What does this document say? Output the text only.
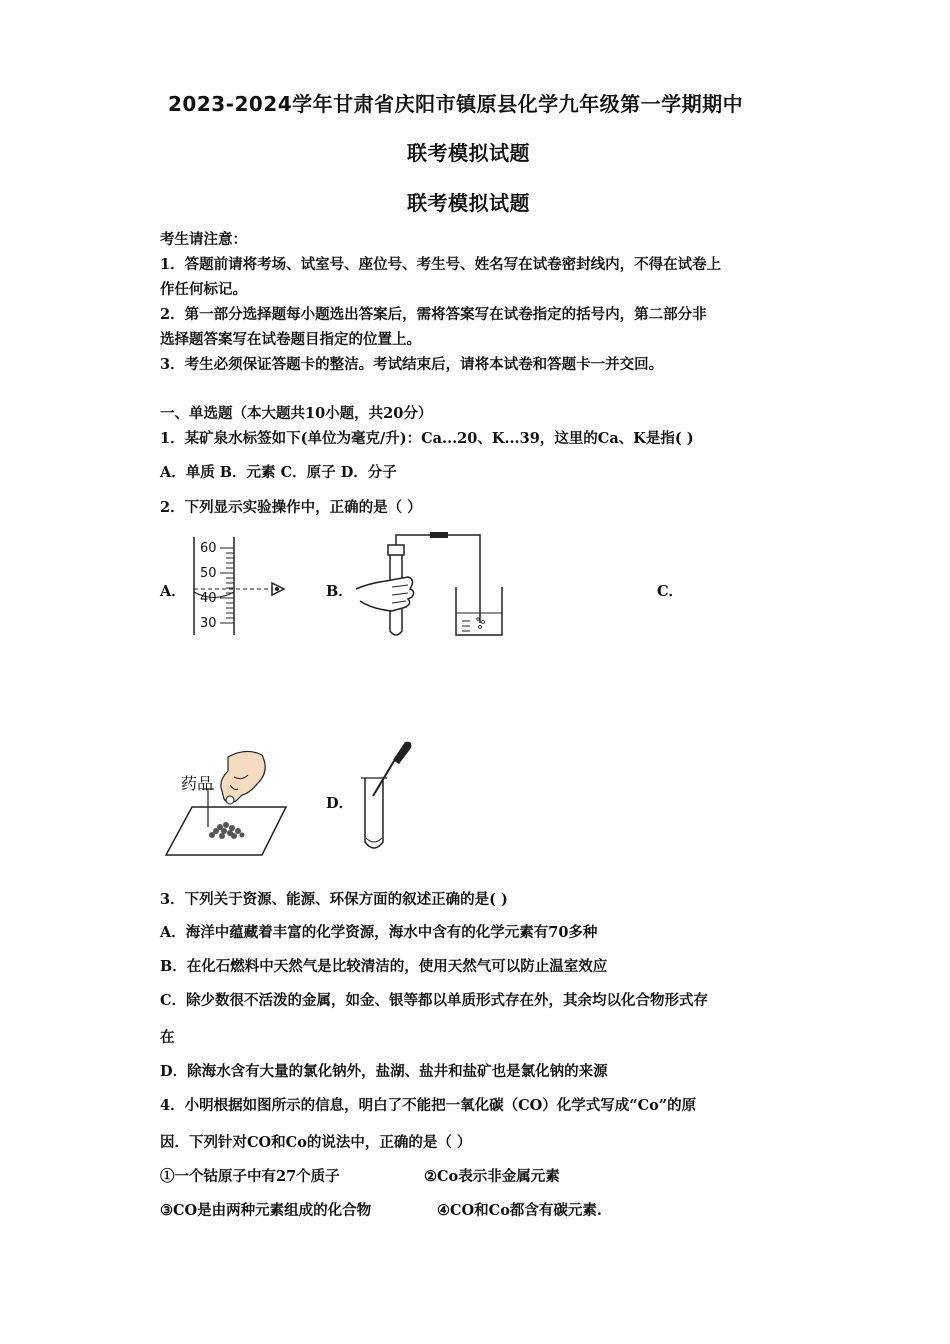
2023-2024学年甘肃省庆阳市镇原县化学九年级第一学期期中
联考模拟试题
联考模拟试题
考生请注意：
1．答题前请将考场、试室号、座位号、考生号、姓名写在试卷密封线内，不得在试卷上
作任何标记。
2．第一部分选择题每小题选出答案后，需将答案写在试卷指定的括号内，第二部分非
选择题答案写在试卷题目指定的位置上。
3．考生必须保证答题卡的整洁。考试结束后，请将本试卷和答题卡一并交回。
一、单选题（本大题共10小题，共20分）
1．某矿泉水标签如下(单位为毫克/升)：Ca...20、K...39，这里的Ca、K是指( )
A．单质 B．元素 C．原子 D．分子
2．下列显示实验操作中，正确的是（ ）
A．
60
50
40
30
B．	C．
药品
D．
3．下列关于资源、能源、环保方面的叙述正确的是( )
A．海洋中蕴藏着丰富的化学资源，海水中含有的化学元素有70多种
B．在化石燃料中天然气是比较清洁的，使用天然气可以防止温室效应
C．除少数很不活泼的金属，如金、银等都以单质形式存在外，其余均以化合物形式存
在
D．除海水含有大量的氯化钠外，盐湖、盐井和盐矿也是氯化钠的来源
4．小明根据如图所示的信息，明白了不能把一氧化碳（CO）化学式写成“Co”的原
因．下列针对CO和Co的说法中，正确的是（ ）
①一个钴原子中有27个质子	②Co表示非金属元素
③CO是由两种元素组成的化合物	④CO和Co都含有碳元素.
